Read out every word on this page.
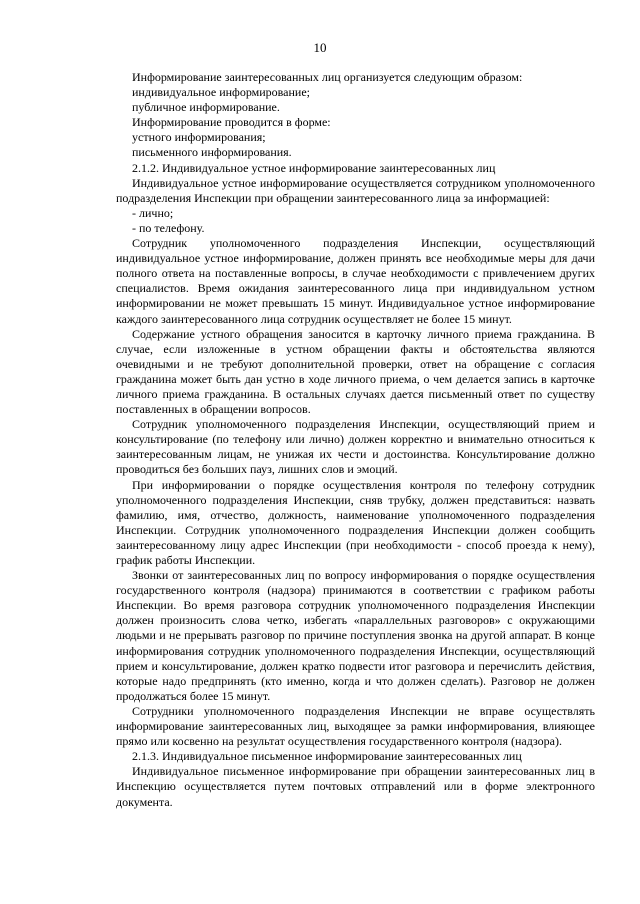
10

Информирование заинтересованных лиц организуется следующим образом:

индивидуальное информирование;

публичное информирование.

Информирование проводится в форме:

устного информирования;

письменного информирования.

2.1.2. Индивидуальное устное информирование заинтересованных лиц

Индивидуальное устное информирование осуществляется сотрудником уполномоченного подразделения Инспекции при обращении заинтересованного лица за информацией:

- лично;

- по телефону.

Сотрудник уполномоченного подразделения Инспекции, осуществляющий индивидуальное устное информирование, должен принять все необходимые меры для дачи полного ответа на поставленные вопросы, в случае необходимости с привлечением других специалистов. Время ожидания заинтересованного лица при индивидуальном устном информировании не может превышать 15 минут. Индивидуальное устное информирование каждого заинтересованного лица сотрудник осуществляет не более 15 минут.

Содержание устного обращения заносится в карточку личного приема гражданина. В случае, если изложенные в устном обращении факты и обстоятельства являются очевидными и не требуют дополнительной проверки, ответ на обращение с согласия гражданина может быть дан устно в ходе личного приема, о чем делается запись в карточке личного приема гражданина. В остальных случаях дается письменный ответ по существу поставленных в обращении вопросов.

Сотрудник уполномоченного подразделения Инспекции, осуществляющий прием и консультирование (по телефону или лично) должен корректно и внимательно относиться к заинтересованным лицам, не унижая их чести и достоинства. Консультирование должно проводиться без больших пауз, лишних слов и эмоций.

При информировании о порядке осуществления контроля по телефону сотрудник уполномоченного подразделения Инспекции, сняв трубку, должен представиться: назвать фамилию, имя, отчество, должность, наименование уполномоченного подразделения Инспекции. Сотрудник уполномоченного подразделения Инспекции должен сообщить заинтересованному лицу адрес Инспекции (при необходимости - способ проезда к нему), график работы Инспекции.

Звонки от заинтересованных лиц по вопросу информирования о порядке осуществления государственного контроля (надзора) принимаются в соответствии с графиком работы Инспекции. Во время разговора сотрудник уполномоченного подразделения Инспекции должен произносить слова четко, избегать «параллельных разговоров» с окружающими людьми и не прерывать разговор по причине поступления звонка на другой аппарат. В конце информирования сотрудник уполномоченного подразделения Инспекции, осуществляющий прием и консультирование, должен кратко подвести итог разговора и перечислить действия, которые надо предпринять (кто именно, когда и что должен сделать). Разговор не должен продолжаться более 15 минут.

Сотрудники уполномоченного подразделения Инспекции не вправе осуществлять информирование заинтересованных лиц, выходящее за рамки информирования, влияющее прямо или косвенно на результат осуществления государственного контроля (надзора).

2.1.3. Индивидуальное письменное информирование заинтересованных лиц

Индивидуальное письменное информирование при обращении заинтересованных лиц в Инспекцию осуществляется путем почтовых отправлений или в форме электронного документа.
